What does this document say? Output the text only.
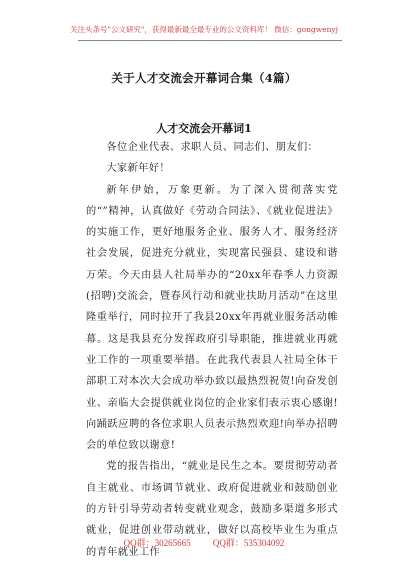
关注头条号"公文研究"，获得最新最全最专业的公文资料库！ 微信：gongwenyj
关于人才交流会开幕词合集（4篇）
人才交流会开幕词1

各位企业代表、求职人员、同志们、朋友们：

大家新年好！

新年伊始，万象更新。为了深入贯彻落实党的“”精神，认真做好《劳动合同法》、《就业促进法》的实施工作，更好地服务企业、服务人才、服务经济社会发展，促进充分就业，实现富民强县、建设和谐万荣。今天由县人社局举办的“20xx年春季人力资源(招聘)交流会，暨春风行动和就业扶助月活动”在这里隆重举行，同时拉开了我县20xx年再就业服务活动帷幕。这是我县充分发挥政府引导职能，推进就业再就业工作的一项重要举措。在此我代表县人社局全体干部职工对本次大会成功举办致以最热烈祝贺!向奋发创业、亲临大会提供就业岗位的企业家们表示衷心感谢!向踊跃应聘的各位求职人员表示热烈欢迎!向举办招聘会的单位致以谢意!

党的报告指出，“就业是民生之本。要贯彻劳动者自主就业、市场调节就业、政府促进就业和鼓励创业的方针引导劳动者转变就业观念，鼓励多渠道多形式就业，促进创业带动就业，做好以高校毕业生为重点的青年就业工作

QQ群：30265665 QQ群：535304092
